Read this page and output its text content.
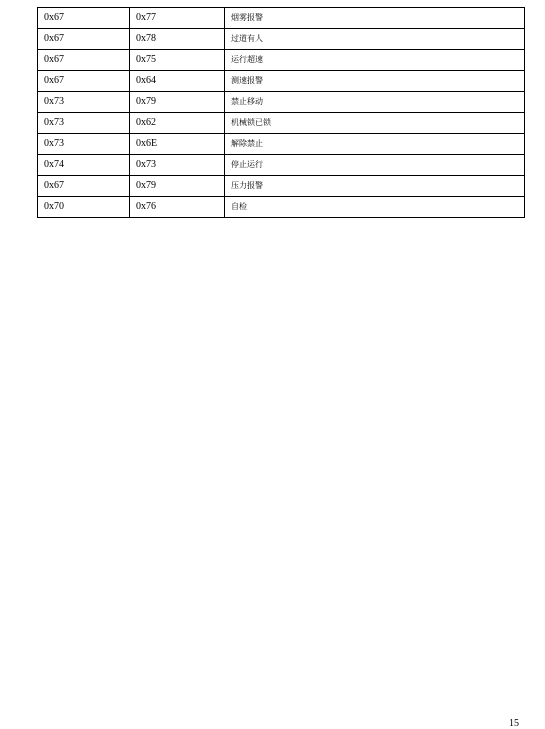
0x67	0x77	烟雾报警
0x67	0x78	过道有人
0x67	0x75	运行超速
0x67	0x64	测速报警
0x73	0x79	禁止移动
0x73	0x62	机械锁已锁
0x73	0x6E	解除禁止
0x74	0x73	停止运行
0x67	0x79	压力报警
0x70	0x76	自检
15
